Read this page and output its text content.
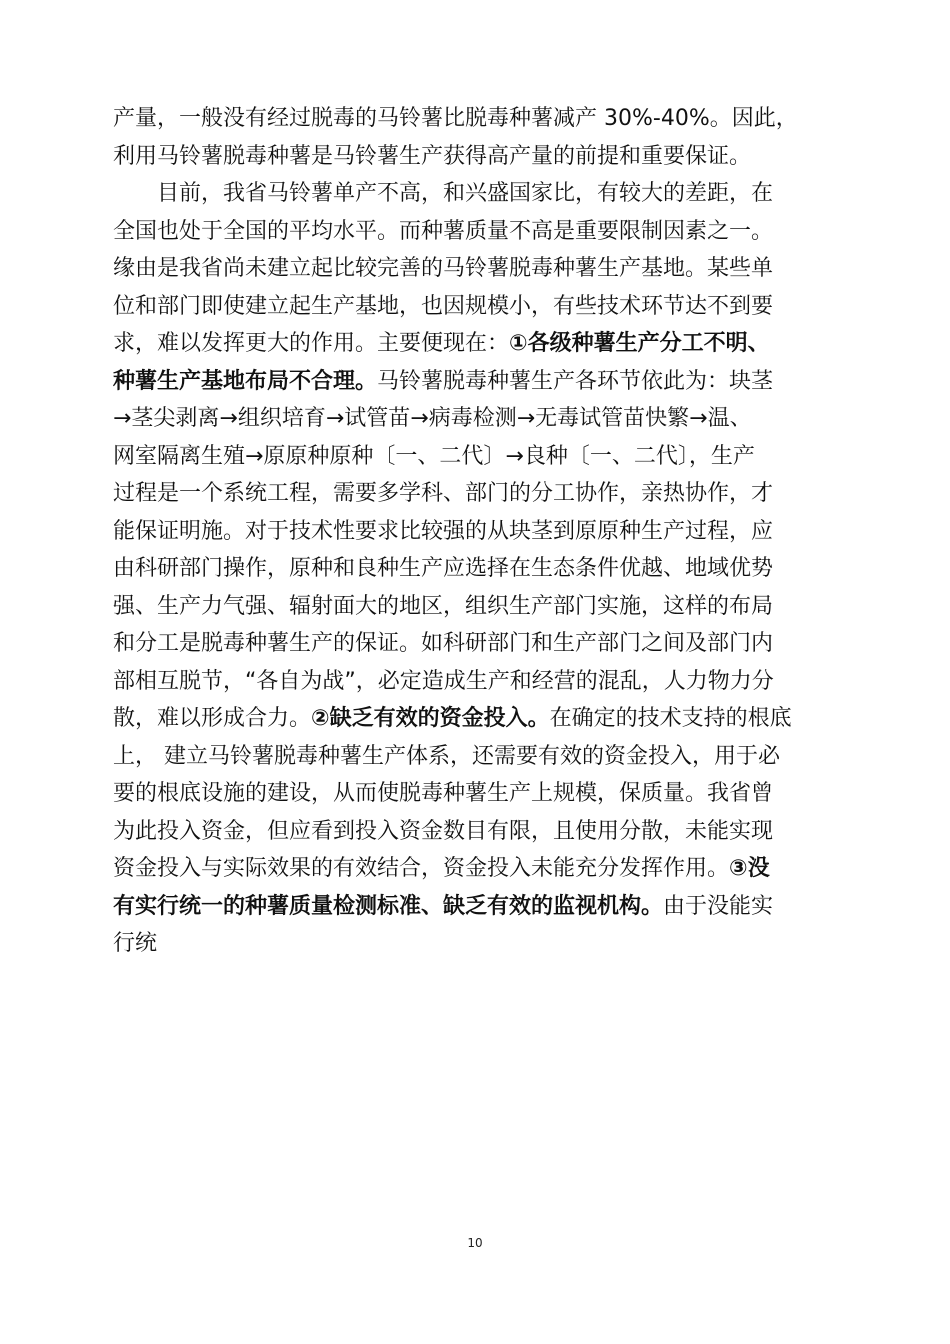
产量，一般没有经过脱毒的马铃薯比脱毒种薯减产 30%-40%。因此，
利用马铃薯脱毒种薯是马铃薯生产获得高产量的前提和重要保证。
目前，我省马铃薯单产不高，和兴盛国家比，有较大的差距，在
全国也处于全国的平均水平。而种薯质量不高是重要限制因素之一。
缘由是我省尚未建立起比较完善的马铃薯脱毒种薯生产基地。某些单
位和部门即使建立起生产基地，也因规模小，有些技术环节达不到要
求，难以发挥更大的作用。主要便现在：①各级种薯生产分工不明、
种薯生产基地布局不合理。马铃薯脱毒种薯生产各环节依此为：块茎
→茎尖剥离→组织培育→试管苗→病毒检测→无毒试管苗快繁→温、
网室隔离生殖→原原种原种〔一、二代〕→良种〔一、二代〕，生产
过程是一个系统工程，需要多学科、部门的分工协作，亲热协作，才
能保证明施。对于技术性要求比较强的从块茎到原原种生产过程，应
由科研部门操作，原种和良种生产应选择在生态条件优越、地域优势
强、生产力气强、辐射面大的地区，组织生产部门实施，这样的布局
和分工是脱毒种薯生产的保证。如科研部门和生产部门之间及部门内
部相互脱节，“各自为战”，必定造成生产和经营的混乱，人力物力分
散，难以形成合力。②缺乏有效的资金投入。在确定的技术支持的根底
上， 建立马铃薯脱毒种薯生产体系，还需要有效的资金投入，用于必
要的根底设施的建设，从而使脱毒种薯生产上规模，保质量。我省曾
为此投入资金，但应看到投入资金数目有限，且使用分散，未能实现
资金投入与实际效果的有效结合，资金投入未能充分发挥作用。③没
有实行统一的种薯质量检测标准、缺乏有效的监视机构。由于没能实
行统
10
